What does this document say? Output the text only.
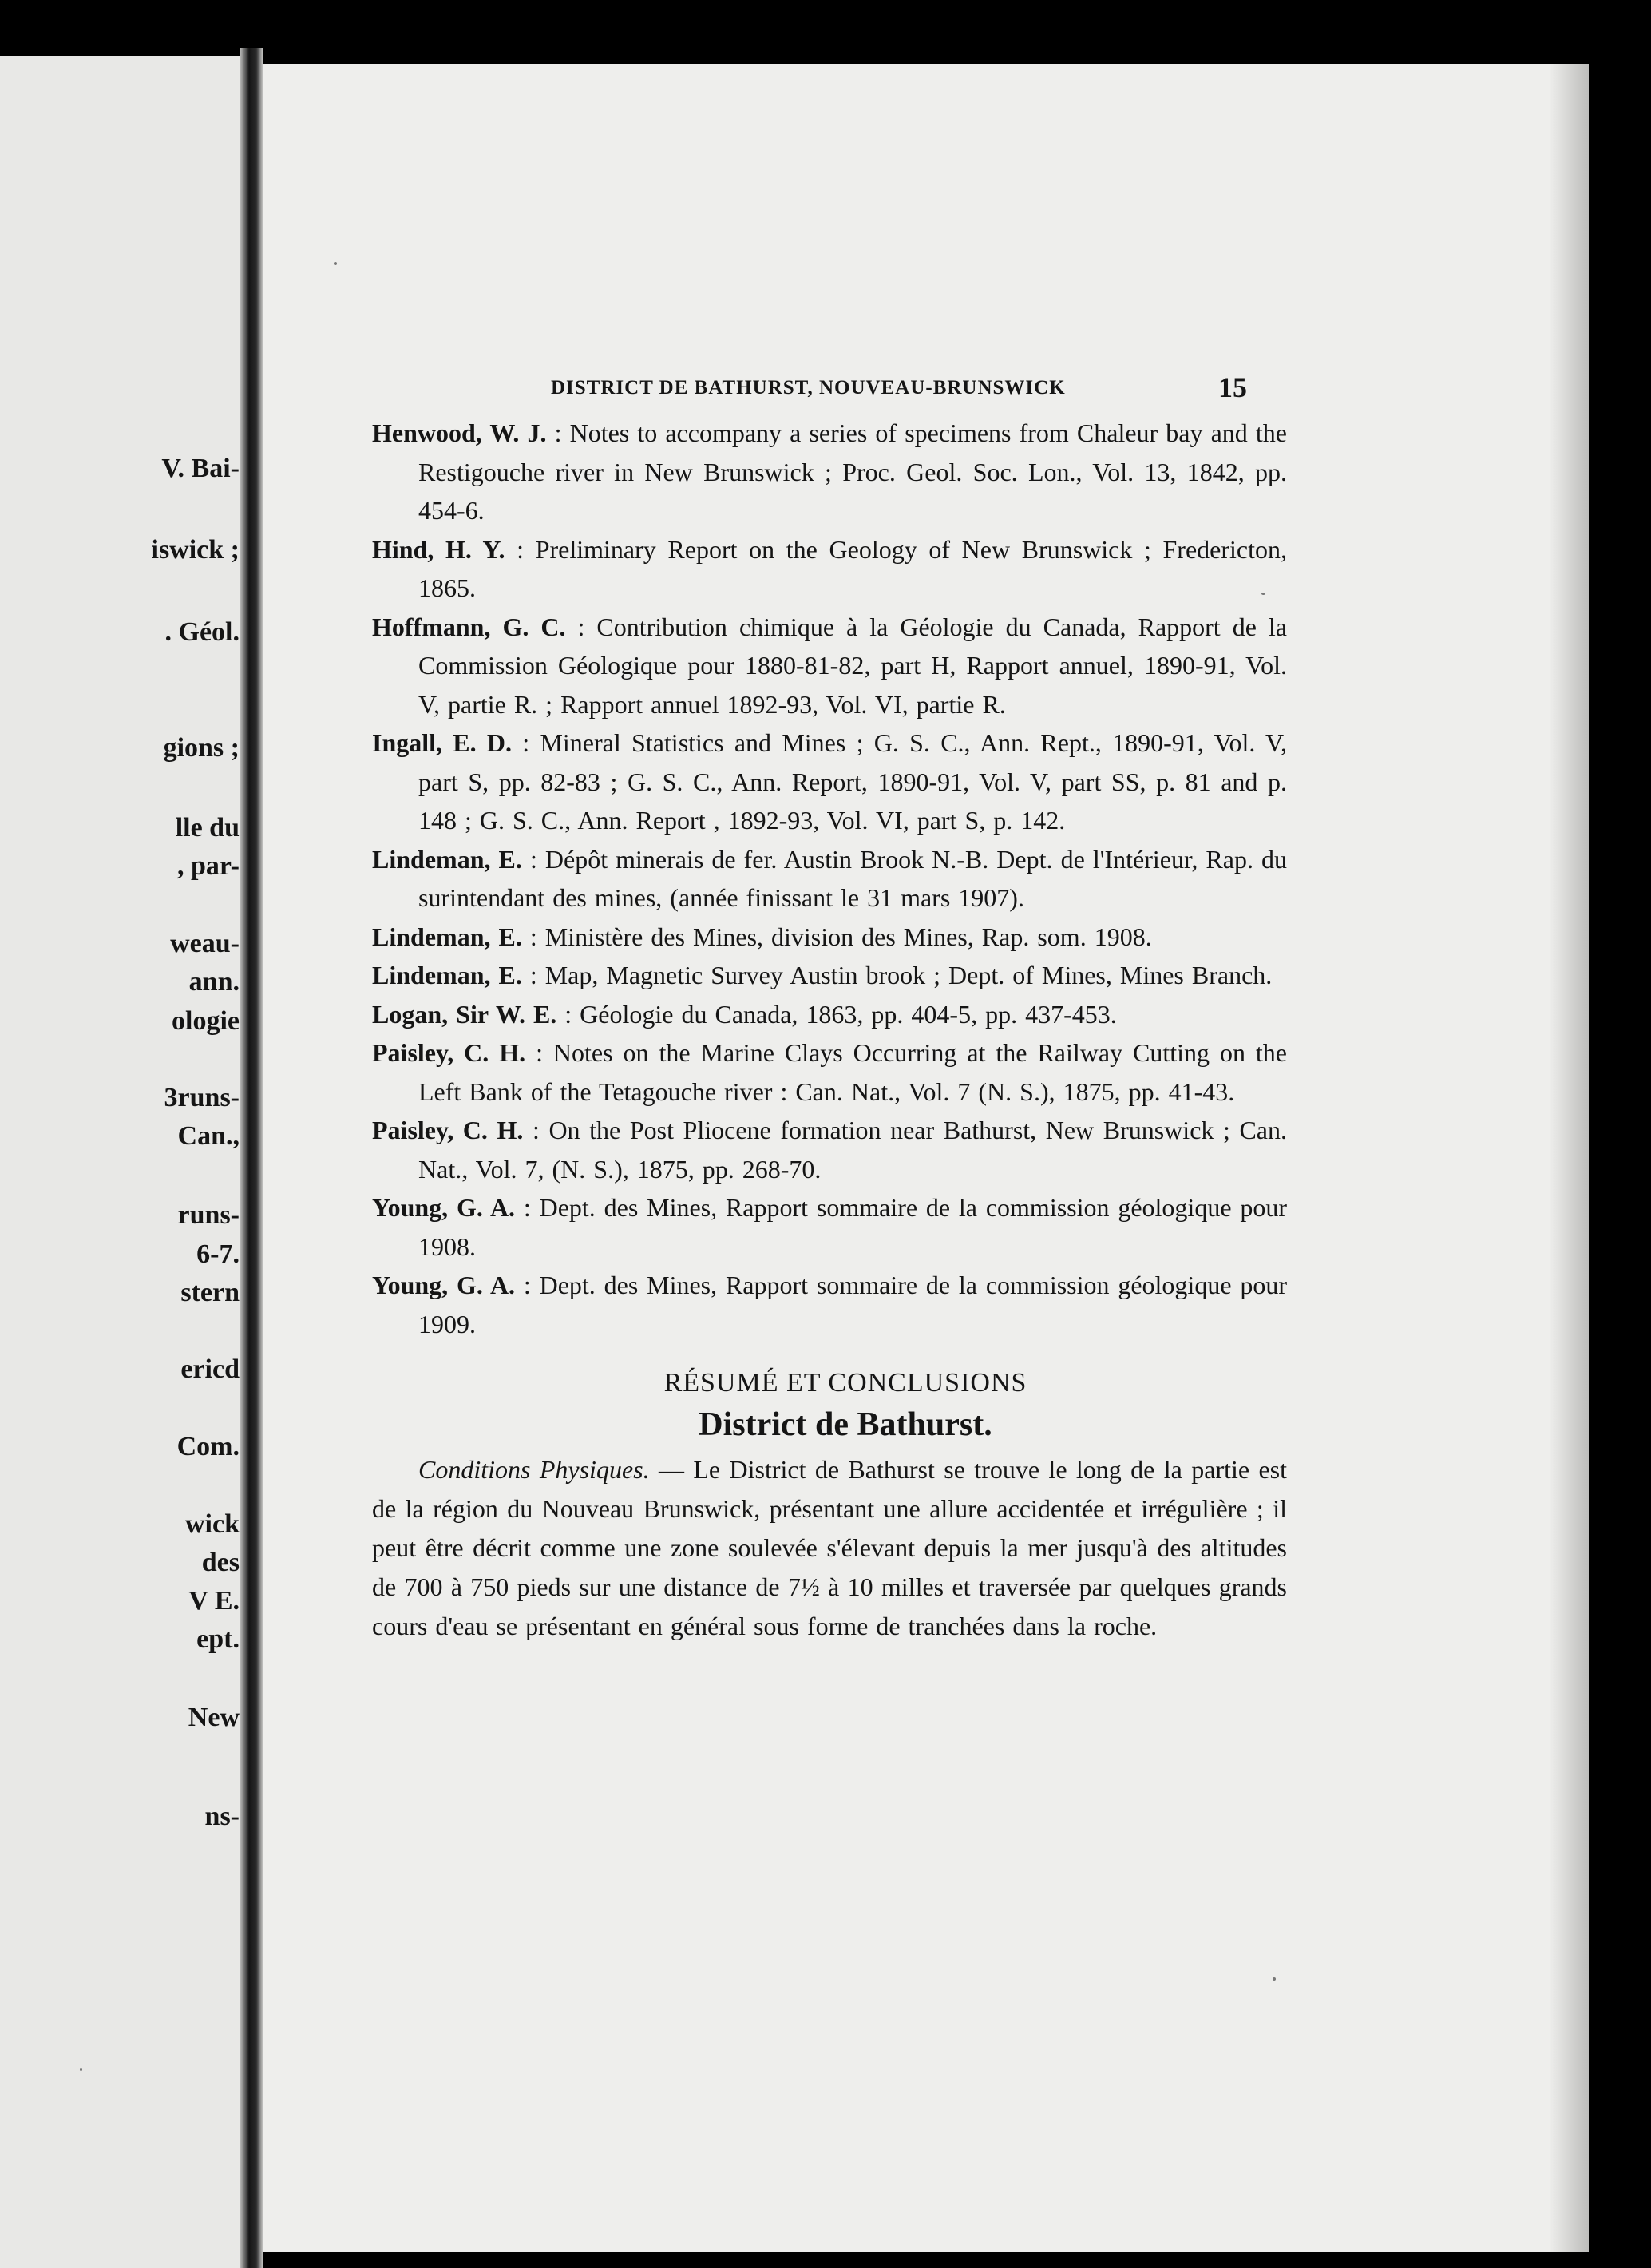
V. Bai-
iswick ;
. Géol.
gions ;
lle du
, par-
weau-
ann.
ologie
3runs-
Can.,
runs-
6-7.
stern
ericd
Com.
wick
des
V E.
ept.
New
ns-
DISTRICT DE BATHURST, NOUVEAU-BRUNSWICK	15
Henwood, W. J. : Notes to accompany a series of specimens from Chaleur bay and the Restigouche river in New Brunswick ; Proc. Geol. Soc. Lon., Vol. 13, 1842, pp. 454-6.
Hind, H. Y. : Preliminary Report on the Geology of New Brunswick ; Fredericton, 1865.
Hoffmann, G. C. : Contribution chimique à la Géologie du Canada, Rapport de la Commission Géologique pour 1880-81-82, part H, Rapport annuel, 1890-91, Vol. V, partie R. ; Rapport annuel 1892-93, Vol. VI, partie R.
Ingall, E. D. : Mineral Statistics and Mines ; G. S. C., Ann. Rept., 1890-91, Vol. V, part S, pp. 82-83 ; G. S. C., Ann. Report, 1890-91, Vol. V, part SS, p. 81 and p. 148 ; G. S. C., Ann. Report , 1892-93, Vol. VI, part S, p. 142.
Lindeman, E. : Dépôt minerais de fer. Austin Brook N.-B. Dept. de l'Intérieur, Rap. du surintendant des mines, (année finissant le 31 mars 1907).
Lindeman, E. : Ministère des Mines, division des Mines, Rap. som. 1908.
Lindeman, E. : Map, Magnetic Survey Austin brook ; Dept. of Mines, Mines Branch.
Logan, Sir W. E. : Géologie du Canada, 1863, pp. 404-5, pp. 437-453.
Paisley, C. H. : Notes on the Marine Clays Occurring at the Railway Cutting on the Left Bank of the Tetagouche river : Can. Nat., Vol. 7 (N. S.), 1875, pp. 41-43.
Paisley, C. H. : On the Post Pliocene formation near Bathurst, New Brunswick ; Can. Nat., Vol. 7, (N. S.), 1875, pp. 268-70.
Young, G. A. : Dept. des Mines, Rapport sommaire de la commission géologique pour 1908.
Young, G. A. : Dept. des Mines, Rapport sommaire de la commission géologique pour 1909.
RÉSUMÉ ET CONCLUSIONS
District de Bathurst.
Conditions Physiques. — Le District de Bathurst se trouve le long de la partie est de la région du Nouveau Brunswick, présentant une allure accidentée et irrégulière ; il peut être décrit comme une zone soulevée s'élevant depuis la mer jusqu'à des altitudes de 700 à 750 pieds sur une distance de 7½ à 10 milles et traversée par quelques grands cours d'eau se présentant en général sous forme de tranchées dans la roche.
